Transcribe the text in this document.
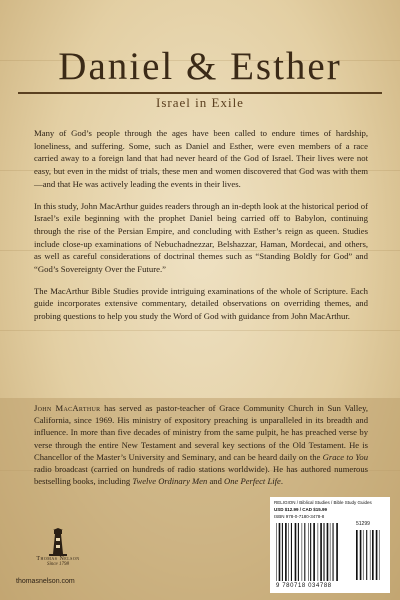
Daniel & Esther
Israel in Exile

Many of God’s people through the ages have been called to endure times of hardship, loneliness, and suffering. Some, such as Daniel and Esther, were even members of a race carried away to a foreign land that had never heard of the God of Israel. Their lives were not easy, but even in the midst of trials, these men and women discovered that God was with them—and that He was actively leading the events in their lives.

In this study, John MacArthur guides readers through an in-depth look at the historical period of Israel’s exile beginning with the prophet Daniel being carried off to Babylon, continuing through the rise of the Persian Empire, and concluding with Esther’s reign as queen. Studies include close-up examinations of Nebuchadnezzar, Belshazzar, Haman, Mordecai, and others, as well as careful considerations of doctrinal themes such as “Standing Boldly for God” and “God’s Sovereignty Over the Future.”

The MacArthur Bible Studies provide intriguing examinations of the whole of Scripture. Each guide incorporates extensive commentary, detailed observations on overriding themes, and probing questions to help you study the Word of God with guidance from John MacArthur.

John MacArthur has served as pastor-teacher of Grace Community Church in Sun Valley, California, since 1969. His ministry of expository preaching is unparalleled in its breadth and influence. In more than five decades of ministry from the same pulpit, he has preached verse by verse through the entire New Testament and several key sections of the Old Testament. He is Chancellor of the Master’s University and Seminary, and can be heard daily on the Grace to You radio broadcast (carried on hundreds of radio stations worldwide). He has authored numerous bestselling books, including Twelve Ordinary Men and One Perfect Life.

Thomas Nelson
Since 1798
thomasnelson.com
RELIGION / Biblical Studies / Bible Study Guides
USD $12.99 / CAD $15.99
ISBN 978-0-7180-3478-8
51299
9 780718 034788
